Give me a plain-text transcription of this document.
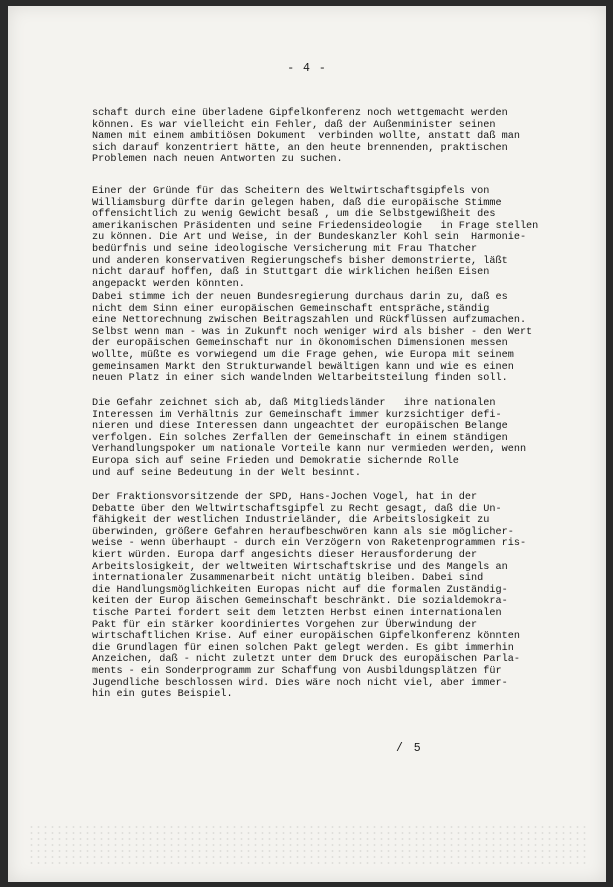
- 4 -

schaft durch eine überladene Gipfelkonferenz noch wettgemacht werden
können. Es war vielleicht ein Fehler, daß der Außenminister seinen
Namen mit einem ambitiösen Dokument  verbinden wollte, anstatt daß man
sich darauf konzentriert hätte, an den heute brennenden, praktischen
Problemen nach neuen Antworten zu suchen.

Einer der Gründe für das Scheitern des Weltwirtschaftsgipfels von
Williamsburg dürfte darin gelegen haben, daß die europäische Stimme
offensichtlich zu wenig Gewicht besaß , um die Selbstgewißheit des
amerikanischen Präsidenten und seine Friedensideologie   in Frage stellen
zu können. Die Art und Weise, in der Bundeskanzler Kohl sein  Harmonie-
bedürfnis und seine ideologische Versicherung mit Frau Thatcher
und anderen konservativen Regierungschefs bisher demonstrierte, läßt
nicht darauf hoffen, daß in Stuttgart die wirklichen heißen Eisen
angepackt werden könnten.

Dabei stimme ich der neuen Bundesregierung durchaus darin zu, daß es
nicht dem Sinn einer europäischen Gemeinschaft entspräche,ständig
eine Nettorechnung zwischen Beitragszahlen und Rückflüssen aufzumachen.
Selbst wenn man - was in Zukunft noch weniger wird als bisher - den Wert
der europäischen Gemeinschaft nur in ökonomischen Dimensionen messen
wollte, müßte es vorwiegend um die Frage gehen, wie Europa mit seinem
gemeinsamen Markt den Strukturwandel bewältigen kann und wie es einen
neuen Platz in einer sich wandelnden Weltarbeitsteilung finden soll.

Die Gefahr zeichnet sich ab, daß Mitgliedsländer   ihre nationalen
Interessen im Verhältnis zur Gemeinschaft immer kurzsichtiger defi-
nieren und diese Interessen dann ungeachtet der europäischen Belange
verfolgen. Ein solches Zerfallen der Gemeinschaft in einem ständigen
Verhandlungspoker um nationale Vorteile kann nur vermieden werden, wenn
Europa sich auf seine Frieden und Demokratie sichernde Rolle
und auf seine Bedeutung in der Welt besinnt.

Der Fraktionsvorsitzende der SPD, Hans-Jochen Vogel, hat in der
Debatte über den Weltwirtschaftsgipfel zu Recht gesagt, daß die Un-
fähigkeit der westlichen Industrieländer, die Arbeitslosigkeit zu
überwinden, größere Gefahren heraufbeschwören kann als sie möglicher-
weise - wenn überhaupt - durch ein Verzögern von Raketenprogrammen ris-
kiert würden. Europa darf angesichts dieser Herausforderung der
Arbeitslosigkeit, der weltweiten Wirtschaftskrise und des Mangels an
internationaler Zusammenarbeit nicht untätig bleiben. Dabei sind
die Handlungsmöglichkeiten Europas nicht auf die formalen Zuständig-
keiten der Europ äischen Gemeinschaft beschränkt. Die sozialdemokra-
tische Partei fordert seit dem letzten Herbst einen internationalen
Pakt für ein stärker koordiniertes Vorgehen zur Überwindung der
wirtschaftlichen Krise. Auf einer europäischen Gipfelkonferenz könnten
die Grundlagen für einen solchen Pakt gelegt werden. Es gibt immerhin
Anzeichen, daß - nicht zuletzt unter dem Druck des europäischen Parla-
ments - ein Sonderprogramm zur Schaffung von Ausbildungsplätzen für
Jugendliche beschlossen wird. Dies wäre noch nicht viel, aber immer-
hin ein gutes Beispiel.

/ 5
